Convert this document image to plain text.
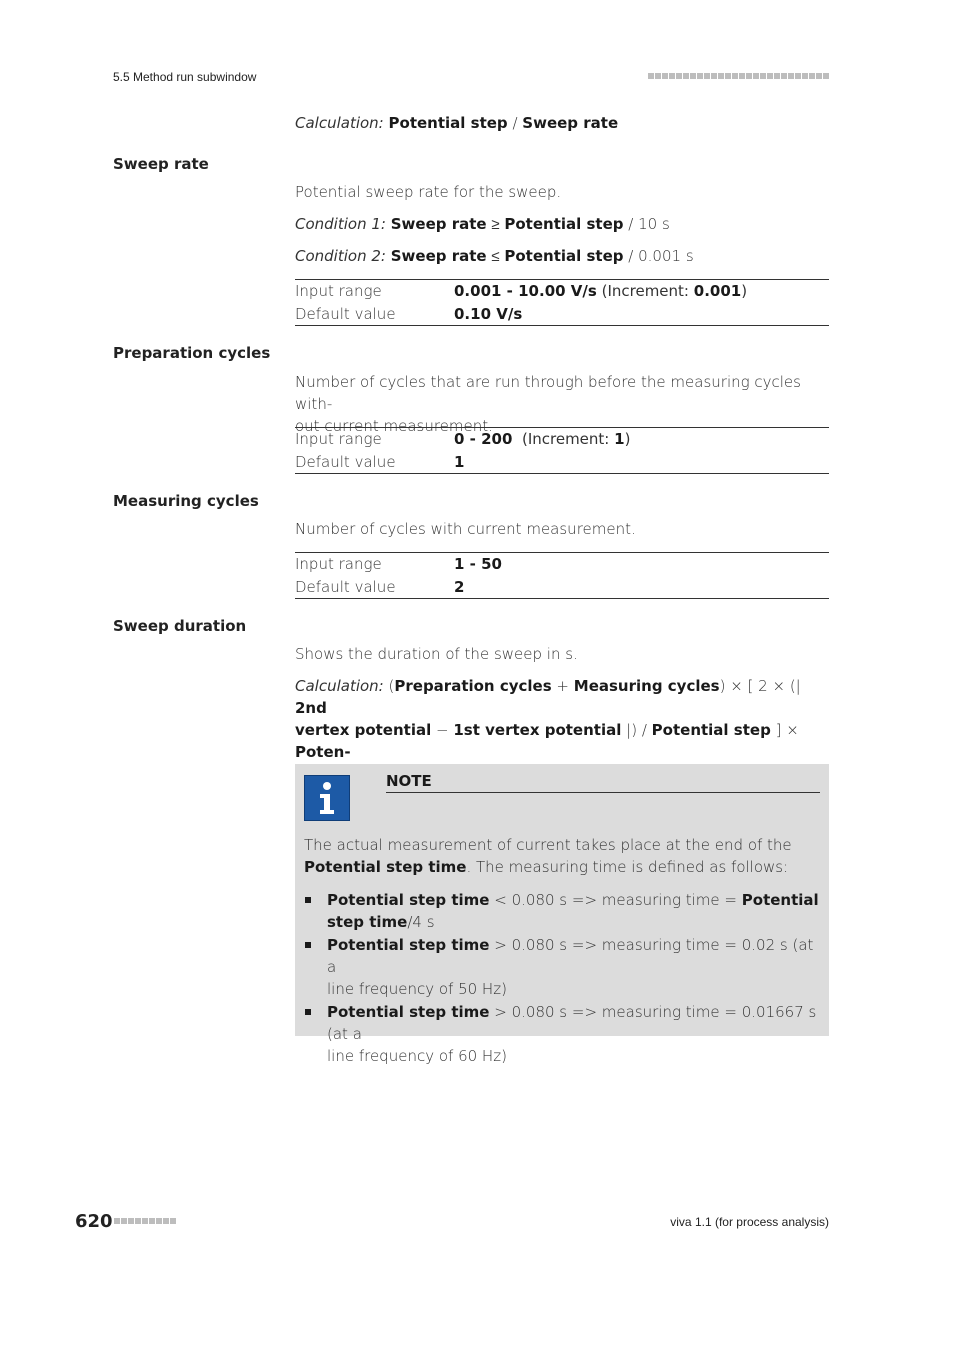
5.5 Method run subwindow
Calculation: Potential step / Sweep rate
Sweep rate
Potential sweep rate for the sweep.
Condition 1: Sweep rate ≥ Potential step / 10 s
Condition 2: Sweep rate ≤ Potential step / 0.001 s
Input range	0.001 - 10.00 V/s (Increment: 0.001)
Default value	0.10 V/s
Preparation cycles
Number of cycles that are run through before the measuring cycles with-
out current measurement.
Input range	0 - 200 (Increment: 1)
Default value	1
Measuring cycles
Number of cycles with current measurement.
Input range	1 - 50
Default value	2
Sweep duration
Shows the duration of the sweep in s.
Calculation: (Preparation cycles + Measuring cycles) × [ 2 × (| 2nd
vertex potential − 1st vertex potential |) / Potential step ] × Poten-
NOTE
The actual measurement of current takes place at the end of the
Potential step time. The measuring time is defined as follows:
Potential step time < 0.080 s => measuring time = Potential
step time/4 s
Potential step time > 0.080 s => measuring time = 0.02 s (at a
line frequency of 50 Hz)
Potential step time > 0.080 s => measuring time = 0.01667 s (at a
line frequency of 60 Hz)
620	viva 1.1 (for process analysis)
